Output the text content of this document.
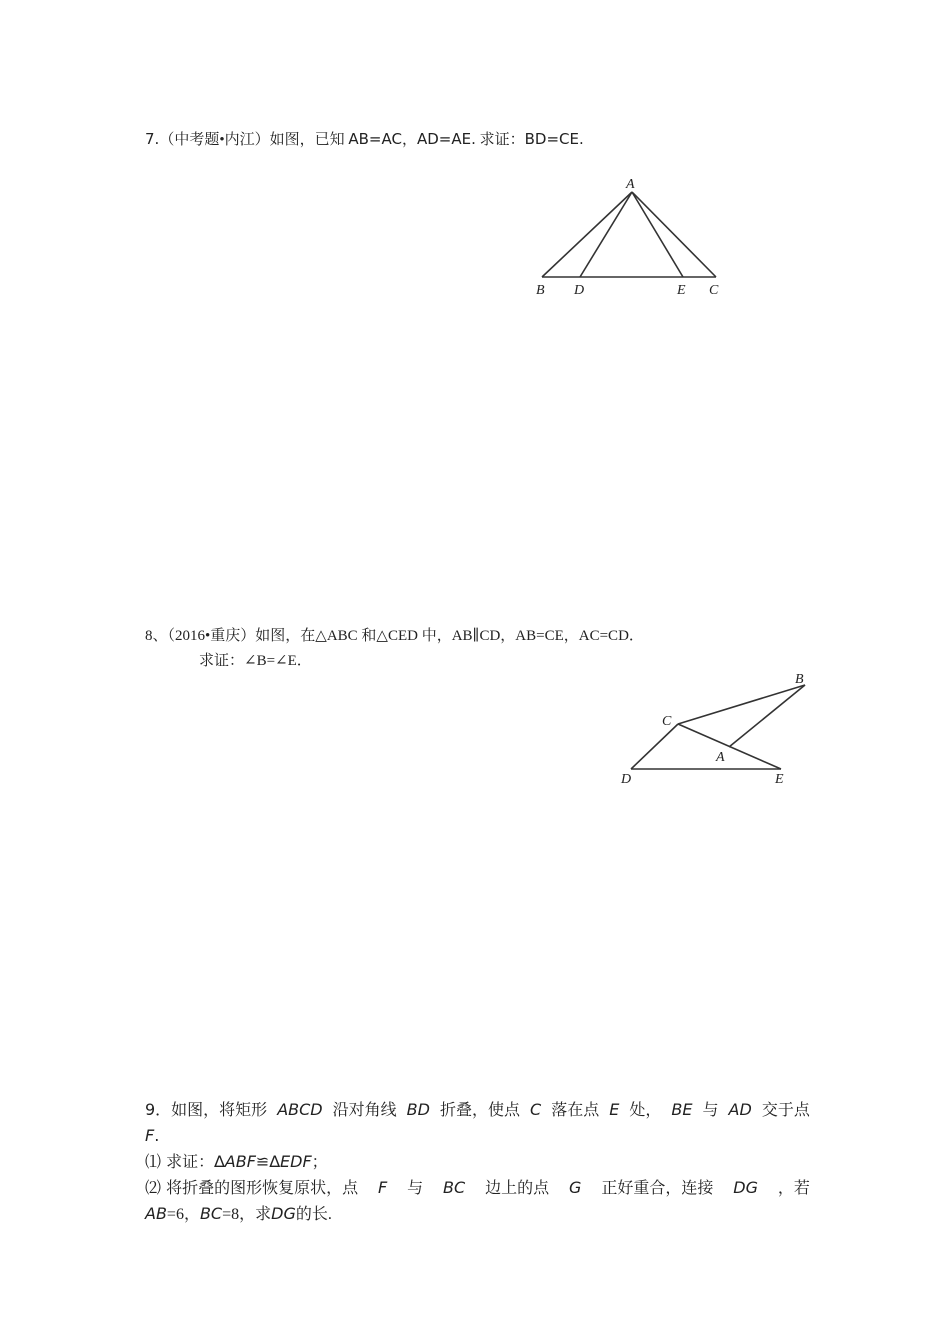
7.（中考题•内江）如图，已知 AB=AC，AD=AE. 求证：BD=CE.
A
B D	E C
8、（2016•重庆）如图，在△ABC 和△CED 中，AB∥CD，AB=CE，AC=CD．
求证：∠B=∠E．
B
C
A
D	E
9．如图，将矩形 ABCD 沿对角线 BD 折叠，使点 C 落在点 E 处， BE 与 AD 交于点
F.
⑴ 求证：∆ABF≌∆EDF；
⑵ 将折叠的图形恢复原状，点 F 与 BC 边上的点 G 正好重合，连接 DG ，若
AB=6，BC=8，求DG的长.
